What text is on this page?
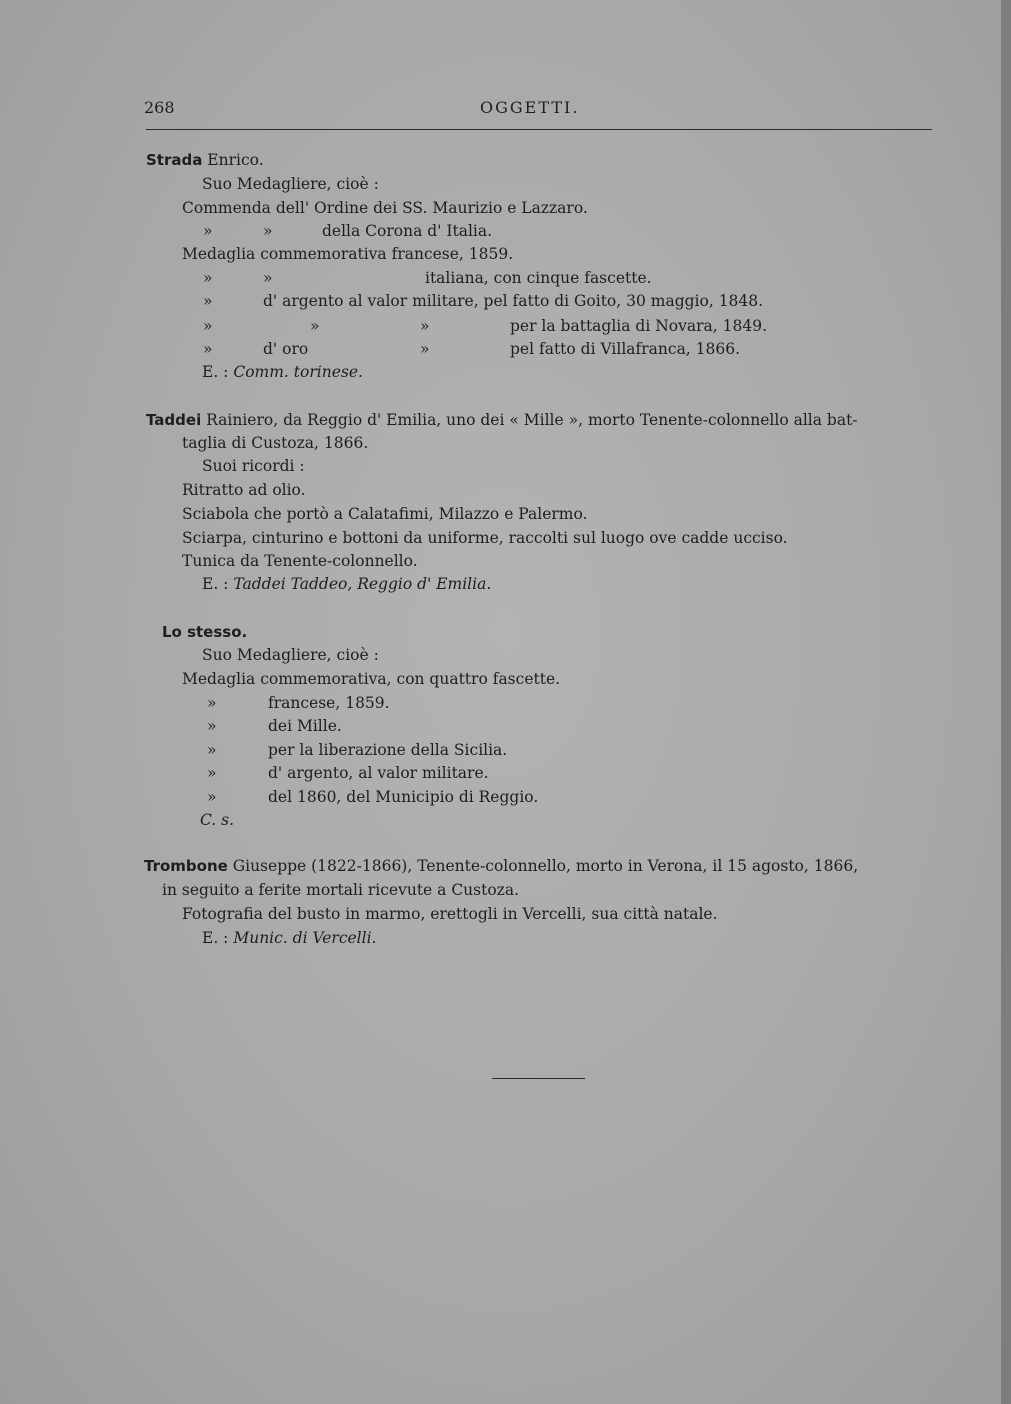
268	OGGETTI.
Strada Enrico.
Suo Medagliere, cioè :
Commenda dell' Ordine dei SS. Maurizio e Lazzaro.
»	»	della Corona d' Italia.
Medaglia commemorativa francese, 1859.
»	»	italiana, con cinque fascette.
»	d' argento al valor militare, pel fatto di Goito, 30 maggio, 1848.
»	»	»	per la battaglia di Novara, 1849.
»	d' oro	»	pel fatto di Villafranca, 1866.
E. : Comm. torinese.
Taddei Rainiero, da Reggio d' Emilia, uno dei « Mille », morto Tenente-colonnello alla bat-
taglia di Custoza, 1866.
Suoi ricordi :
Ritratto ad olio.
Sciabola che portò a Calatafimi, Milazzo e Palermo.
Sciarpa, cinturino e bottoni da uniforme, raccolti sul luogo ove cadde ucciso.
Tunica da Tenente-colonnello.
E. : Taddei Taddeo, Reggio d' Emilia.
Lo stesso.
Suo Medagliere, cioè :
Medaglia commemorativa, con quattro fascette.
»	francese, 1859.
»	dei Mille.
»	per la liberazione della Sicilia.
»	d' argento, al valor militare.
»	del 1860, del Municipio di Reggio.
C. s.
Trombone Giuseppe (1822-1866), Tenente-colonnello, morto in Verona, il 15 agosto, 1866,
in seguito a ferite mortali ricevute a Custoza.
Fotografia del busto in marmo, erettogli in Vercelli, sua città natale.
E. : Munic. di Vercelli.
